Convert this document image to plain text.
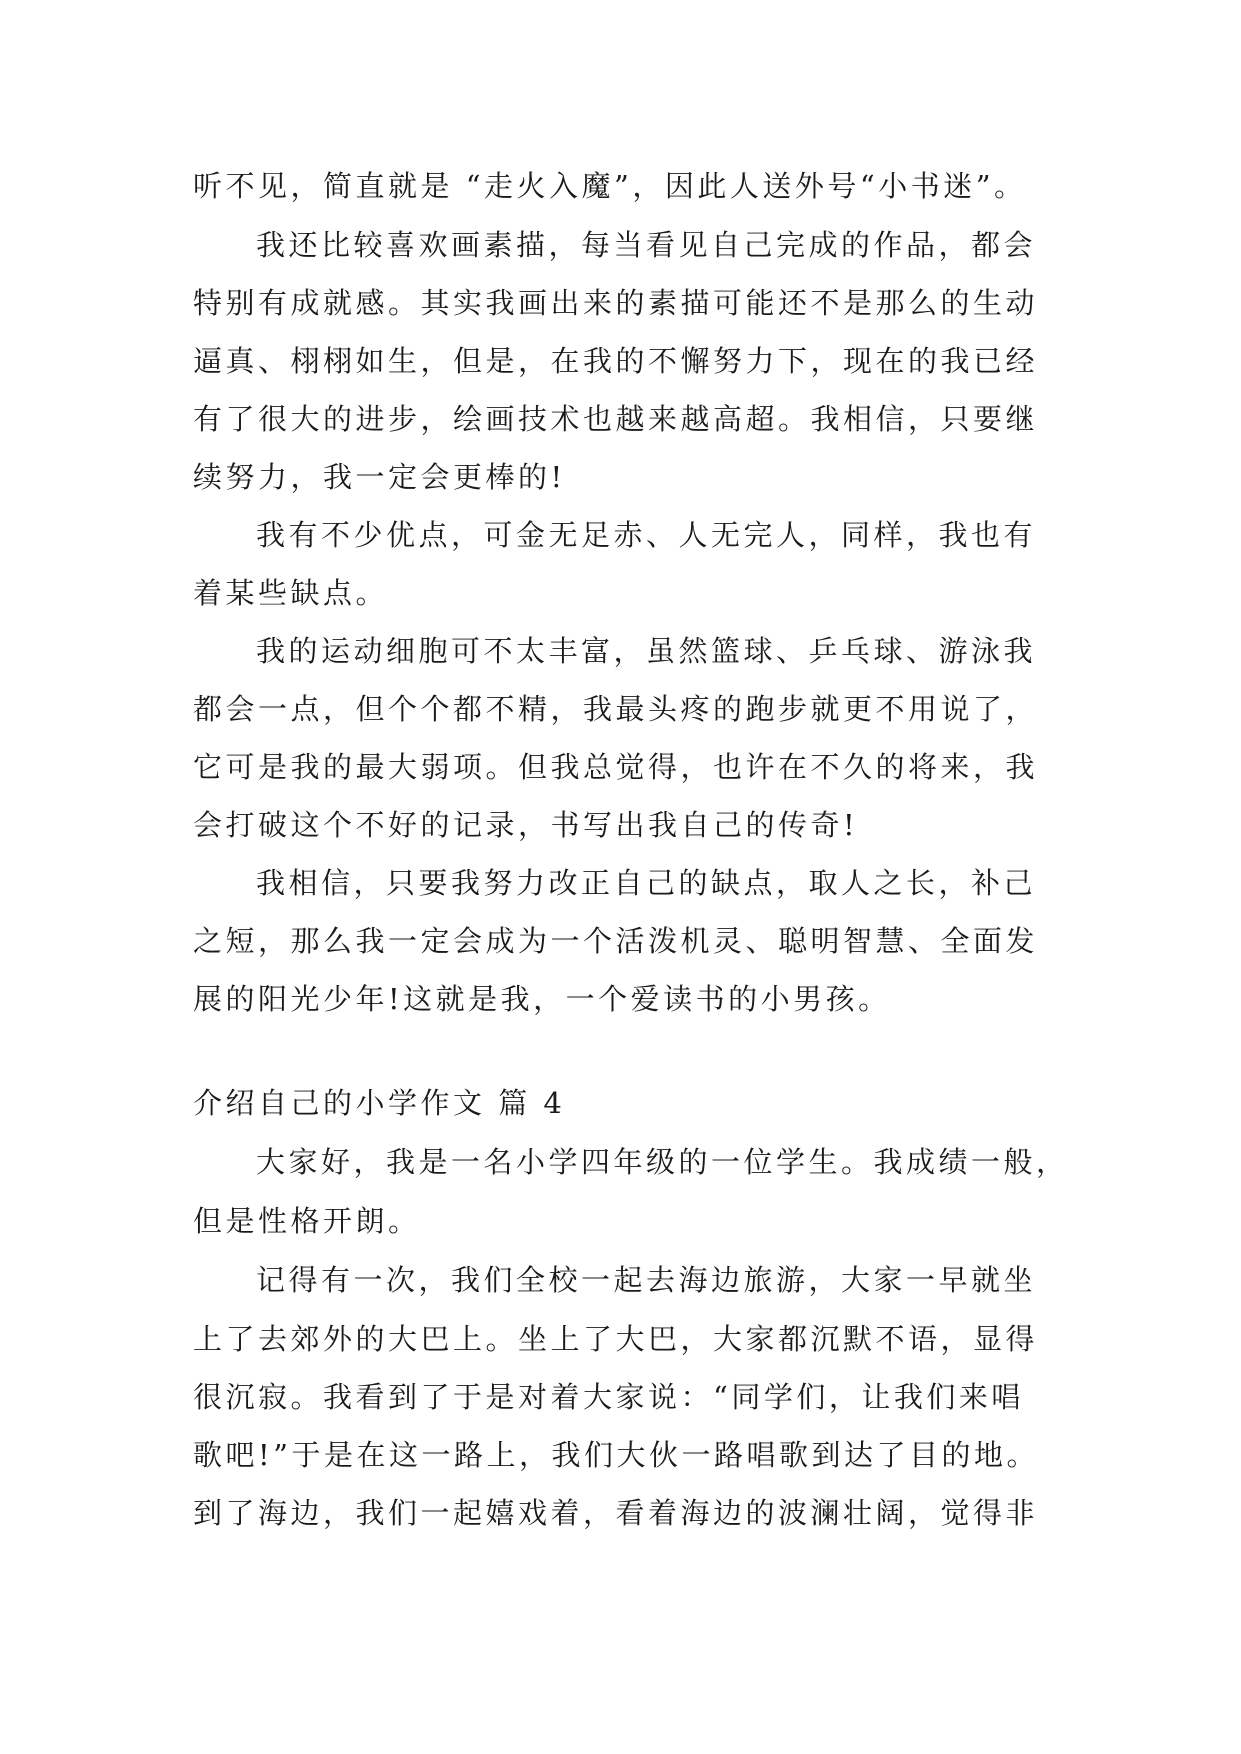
听不见，简直就是 “走火入魔”，因此人送外号“小书迷”。
我还比较喜欢画素描，每当看见自己完成的作品，都会
特别有成就感。其实我画出来的素描可能还不是那么的生动
逼真、栩栩如生，但是，在我的不懈努力下，现在的我已经
有了很大的进步，绘画技术也越来越高超。我相信，只要继
续努力，我一定会更棒的!
我有不少优点，可金无足赤、人无完人，同样，我也有
着某些缺点。
我的运动细胞可不太丰富，虽然篮球、乒乓球、游泳我
都会一点，但个个都不精，我最头疼的跑步就更不用说了，
它可是我的最大弱项。但我总觉得，也许在不久的将来，我
会打破这个不好的记录，书写出我自己的传奇!
我相信，只要我努力改正自己的缺点，取人之长，补己
之短，那么我一定会成为一个活泼机灵、聪明智慧、全面发
展的阳光少年!这就是我，一个爱读书的小男孩。
介绍自己的小学作文 篇 4
大家好，我是一名小学四年级的一位学生。我成绩一般，
但是性格开朗。
记得有一次，我们全校一起去海边旅游，大家一早就坐
上了去郊外的大巴上。坐上了大巴，大家都沉默不语，显得
很沉寂。我看到了于是对着大家说：“同学们，让我们来唱
歌吧!”于是在这一路上，我们大伙一路唱歌到达了目的地。
到了海边，我们一起嬉戏着，看着海边的波澜壮阔，觉得非
